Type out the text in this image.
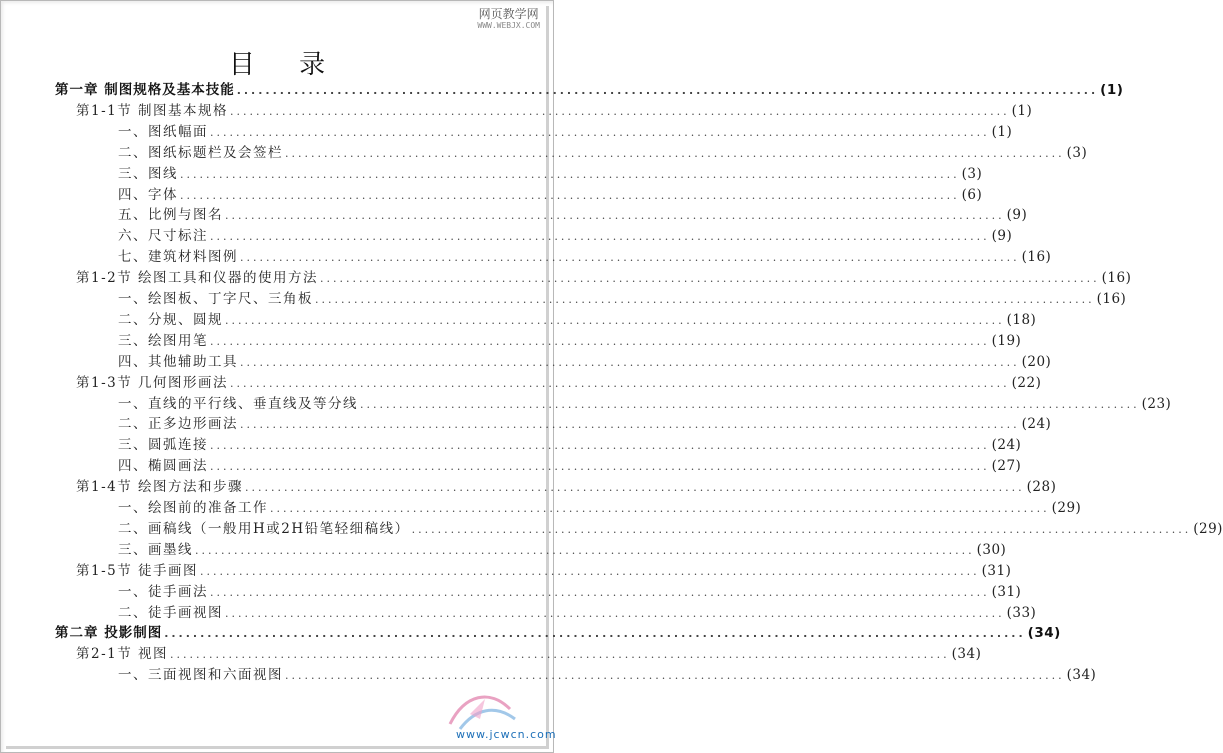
网页教学网
WWW.WEBJX.COM
目 录
第一章 制图规格及基本技能 ........................................................................................................................ (1)
第1-1节 制图基本规格 ........................................................................................................................ (1)
一、图纸幅面 ........................................................................................................................ (1)
二、图纸标题栏及会签栏 ........................................................................................................................ (3)
三、图线 ........................................................................................................................ (3)
四、字体 ........................................................................................................................ (6)
五、比例与图名 ........................................................................................................................ (9)
六、尺寸标注 ........................................................................................................................ (9)
七、建筑材料图例 ........................................................................................................................ (16)
第1-2节 绘图工具和仪器的使用方法 ........................................................................................................................ (16)
一、绘图板、丁字尺、三角板 ........................................................................................................................ (16)
二、分规、圆规 ........................................................................................................................ (18)
三、绘图用笔 ........................................................................................................................ (19)
四、其他辅助工具 ........................................................................................................................ (20)
第1-3节 几何图形画法 ........................................................................................................................ (22)
一、直线的平行线、垂直线及等分线 ........................................................................................................................ (23)
二、正多边形画法 ........................................................................................................................ (24)
三、圆弧连接 ........................................................................................................................ (24)
四、椭圆画法 ........................................................................................................................ (27)
第1-4节 绘图方法和步骤 ........................................................................................................................ (28)
一、绘图前的准备工作 ........................................................................................................................ (29)
二、画稿线（一般用H或2H铅笔轻细稿线） ........................................................................................................................ (29)
三、画墨线 ........................................................................................................................ (30)
第1-5节 徒手画图 ........................................................................................................................ (31)
一、徒手画法 ........................................................................................................................ (31)
二、徒手画视图 ........................................................................................................................ (33)
第二章 投影制图 ........................................................................................................................ (34)
第2-1节 视图 ........................................................................................................................ (34)
一、三面视图和六面视图 ........................................................................................................................ (34)
www.jcwcn.com
